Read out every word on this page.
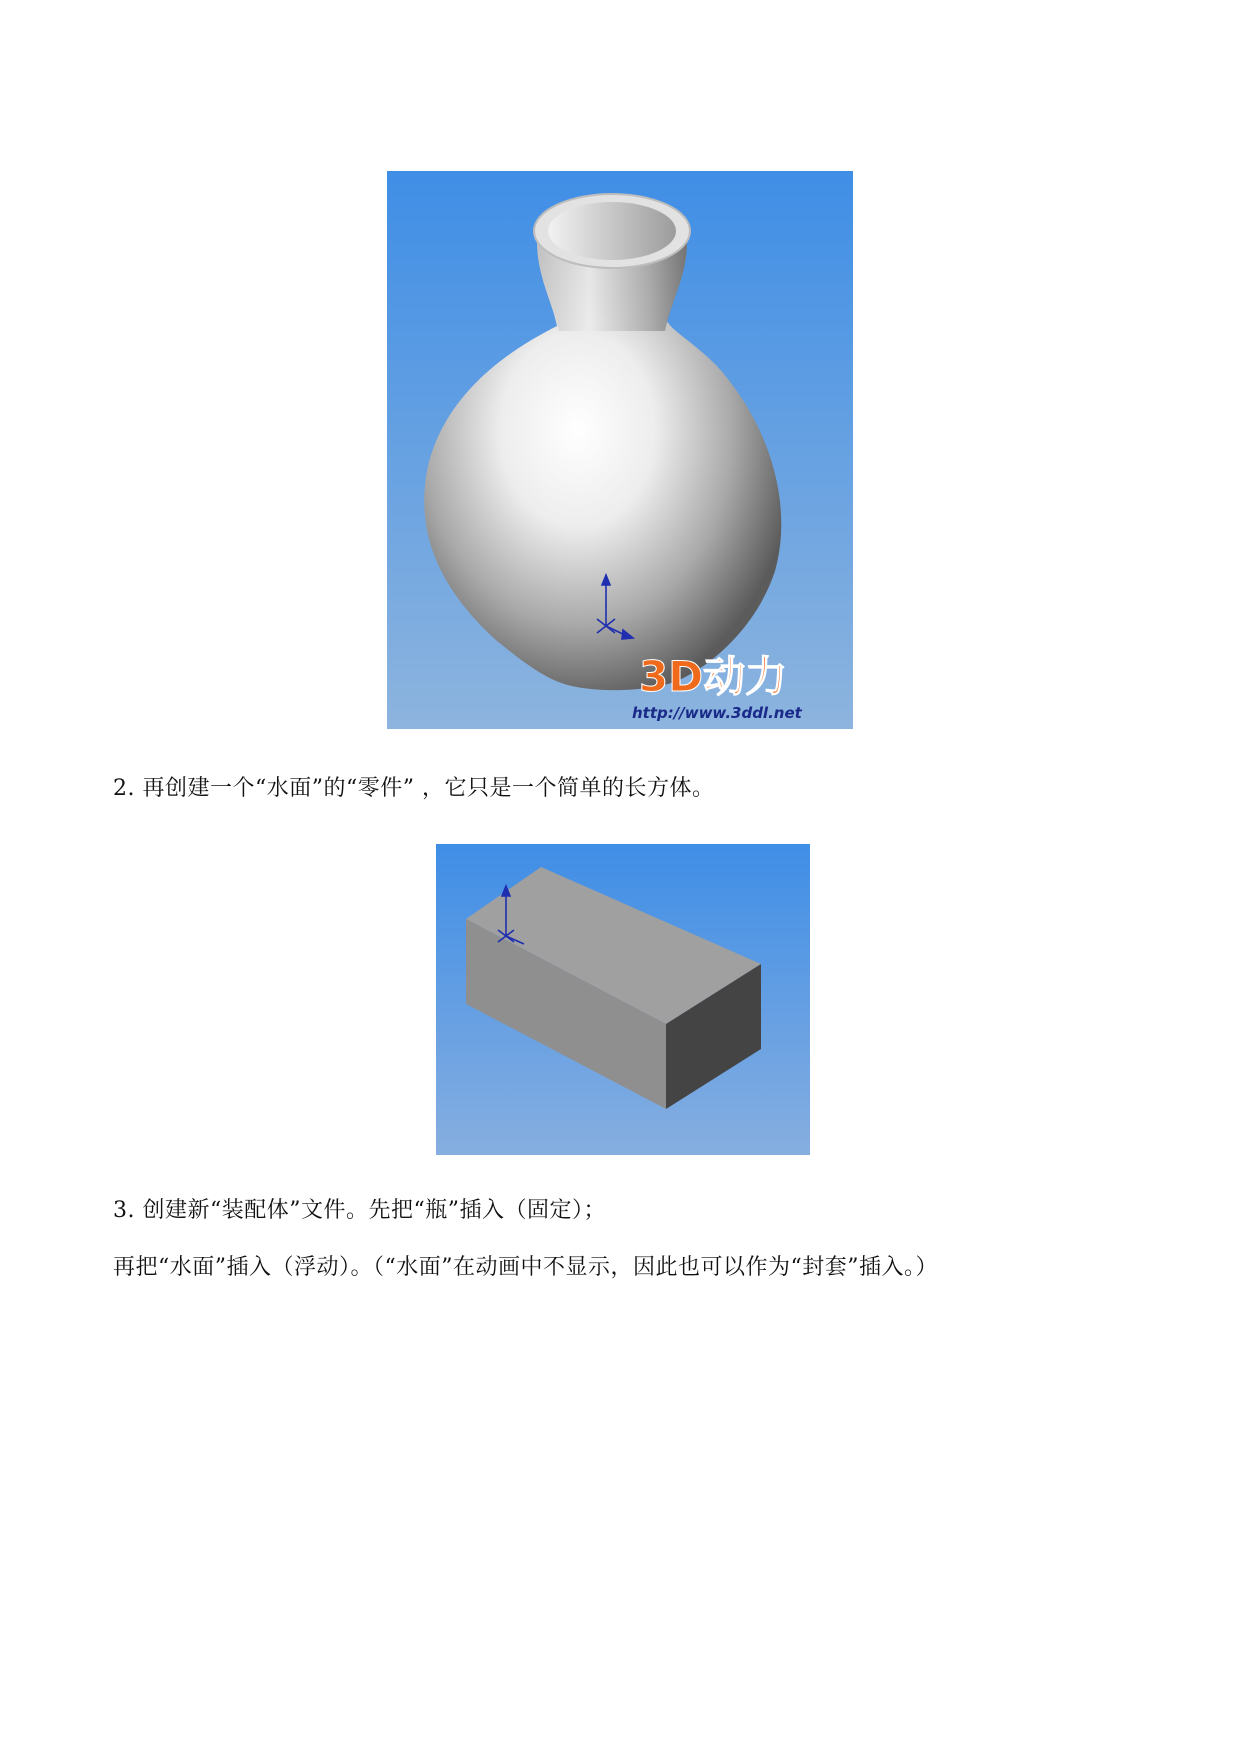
3D动力
http://www.3ddl.net
2. 再创建一个“水面”的“零件” ，它只是一个简单的长方体。
3. 创建新“装配体”文件。先把“瓶”插入（固定）；
再把“水面”插入（浮动）。（“水面”在动画中不显示，因此也可以作为“封套”插入。）
